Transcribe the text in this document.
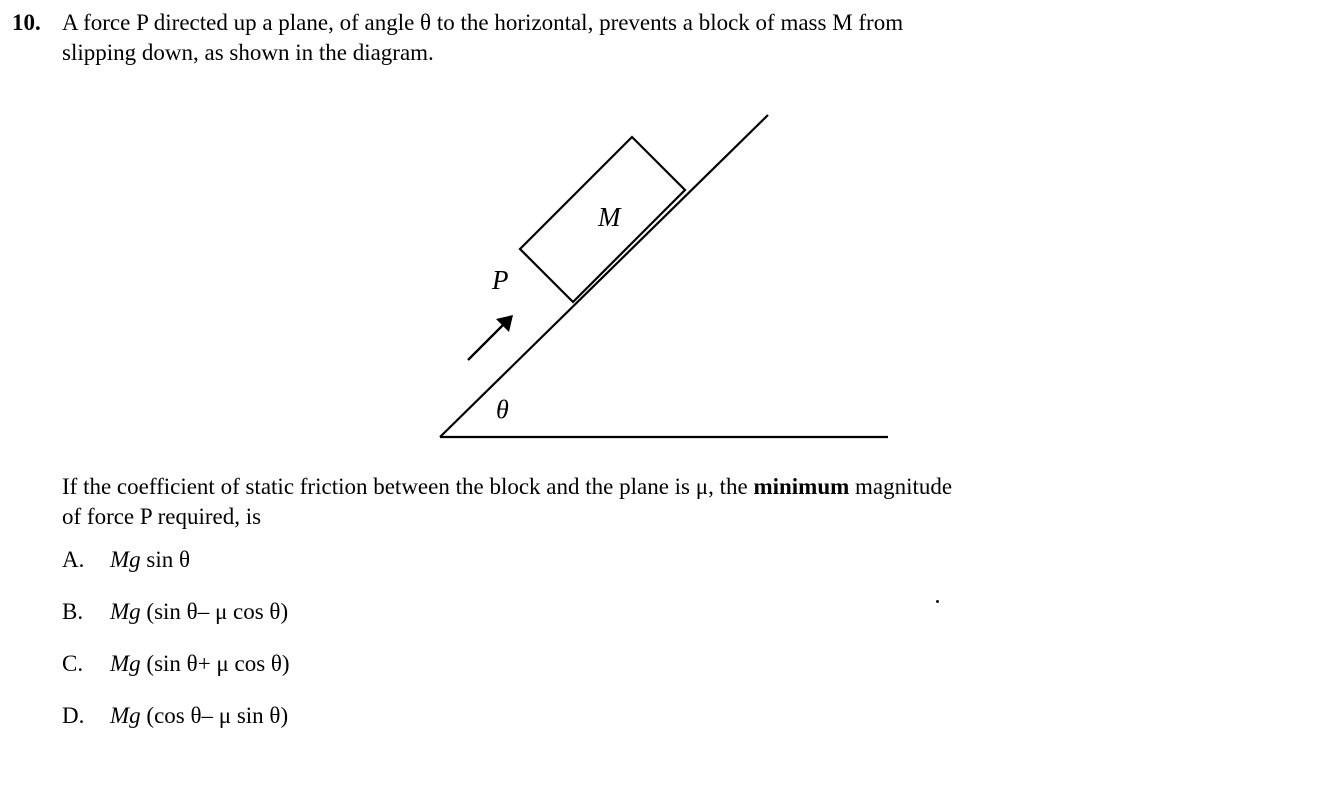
10. A force P directed up a plane, of angle θ to the horizontal, prevents a block of mass M from
slipping down, as shown in the diagram.
M
P
θ
If the coefficient of static friction between the block and the plane is μ, the minimum magnitude
of force P required, is
A.	Mg sin θ
B.	Mg (sin θ– μ cos θ)
C.	Mg (sin θ+ μ cos θ)
D.	Mg (cos θ– μ sin θ)
